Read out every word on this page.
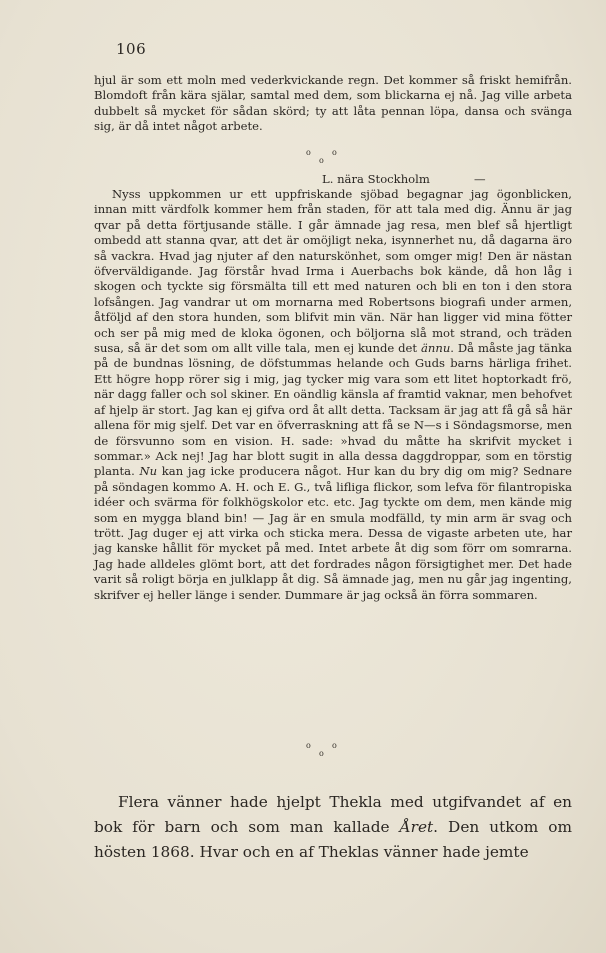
106
hjul är som ett moln med vederkvickande regn. Det kommer så friskt hemifrån. Blomdoft från kära själar, samtal med dem, som blickarna ej nå. Jag ville arbeta dubbelt så mycket för sådan skörd; ty att låta pennan löpa, dansa och svänga sig, är då intet något arbete.
o	o
o
L. nära Stockholm	—
Nyss uppkommen ur ett uppfriskande sjöbad begagnar jag ögonblicken, innan mitt värdfolk kommer hem från staden, för att tala med dig. Ännu är jag qvar på detta förtjusande ställe. I går ämnade jag resa, men blef så hjertligt ombedd att stanna qvar, att det är omöjligt neka, isynnerhet nu, då dagarna äro så vackra. Hvad jag njuter af den naturskönhet, som omger mig! Den är nästan öfverväldigande. Jag förstår hvad Irma i Auerbachs bok kände, då hon låg i skogen och tyckte sig försmälta till ett med naturen och bli en ton i den stora lofsången. Jag vandrar ut om mornarna med Robertsons biografi under armen, åtföljd af den stora hunden, som blifvit min vän. När han ligger vid mina fötter och ser på mig med de kloka ögonen, och böljorna slå mot strand, och träden susa, så är det som om allt ville tala, men ej kunde det ännu. Då måste jag tänka på de bundnas lösning, de döfstummas helande och Guds barns härliga frihet. Ett högre hopp rörer sig i mig, jag tycker mig vara som ett litet hoptorkadt frö, när dagg faller och sol skiner. En oändlig känsla af framtid vaknar, men behofvet af hjelp är stort. Jag kan ej gifva ord åt allt detta. Tacksam är jag att få gå så här allena för mig sjelf. Det var en öfverraskning att få se N—s i Söndagsmorse, men de försvunno som en vision. H. sade: »hvad du måtte ha skrifvit mycket i sommar.» Ack nej! Jag har blott sugit in alla dessa daggdroppar, som en törstig planta. Nu kan jag icke producera något. Hur kan du bry dig om mig? Sednare på söndagen kommo A. H. och E. G., två lifliga flickor, som lefva för filantropiska idéer och svärma för folkhögskolor etc. etc. Jag tyckte om dem, men kände mig som en mygga bland bin! — Jag är en smula modfälld, ty min arm är svag och trött. Jag duger ej att virka och sticka mera. Dessa de vigaste arbeten ute, har jag kanske hållit för mycket på med. Intet arbete åt dig som förr om somrarna. Jag hade alldeles glömt bort, att det fordrades någon försigtighet mer. Det hade varit så roligt börja en julklapp åt dig. Så ämnade jag, men nu går jag ingenting, skrifver ej heller länge i sender. Dummare är jag också än förra sommaren.
o	o
o
Flera vänner hade hjelpt Thekla med utgifvandet af en bok för barn och som man kallade Året. Den utkom om hösten 1868. Hvar och en af Theklas vänner hade jemte
